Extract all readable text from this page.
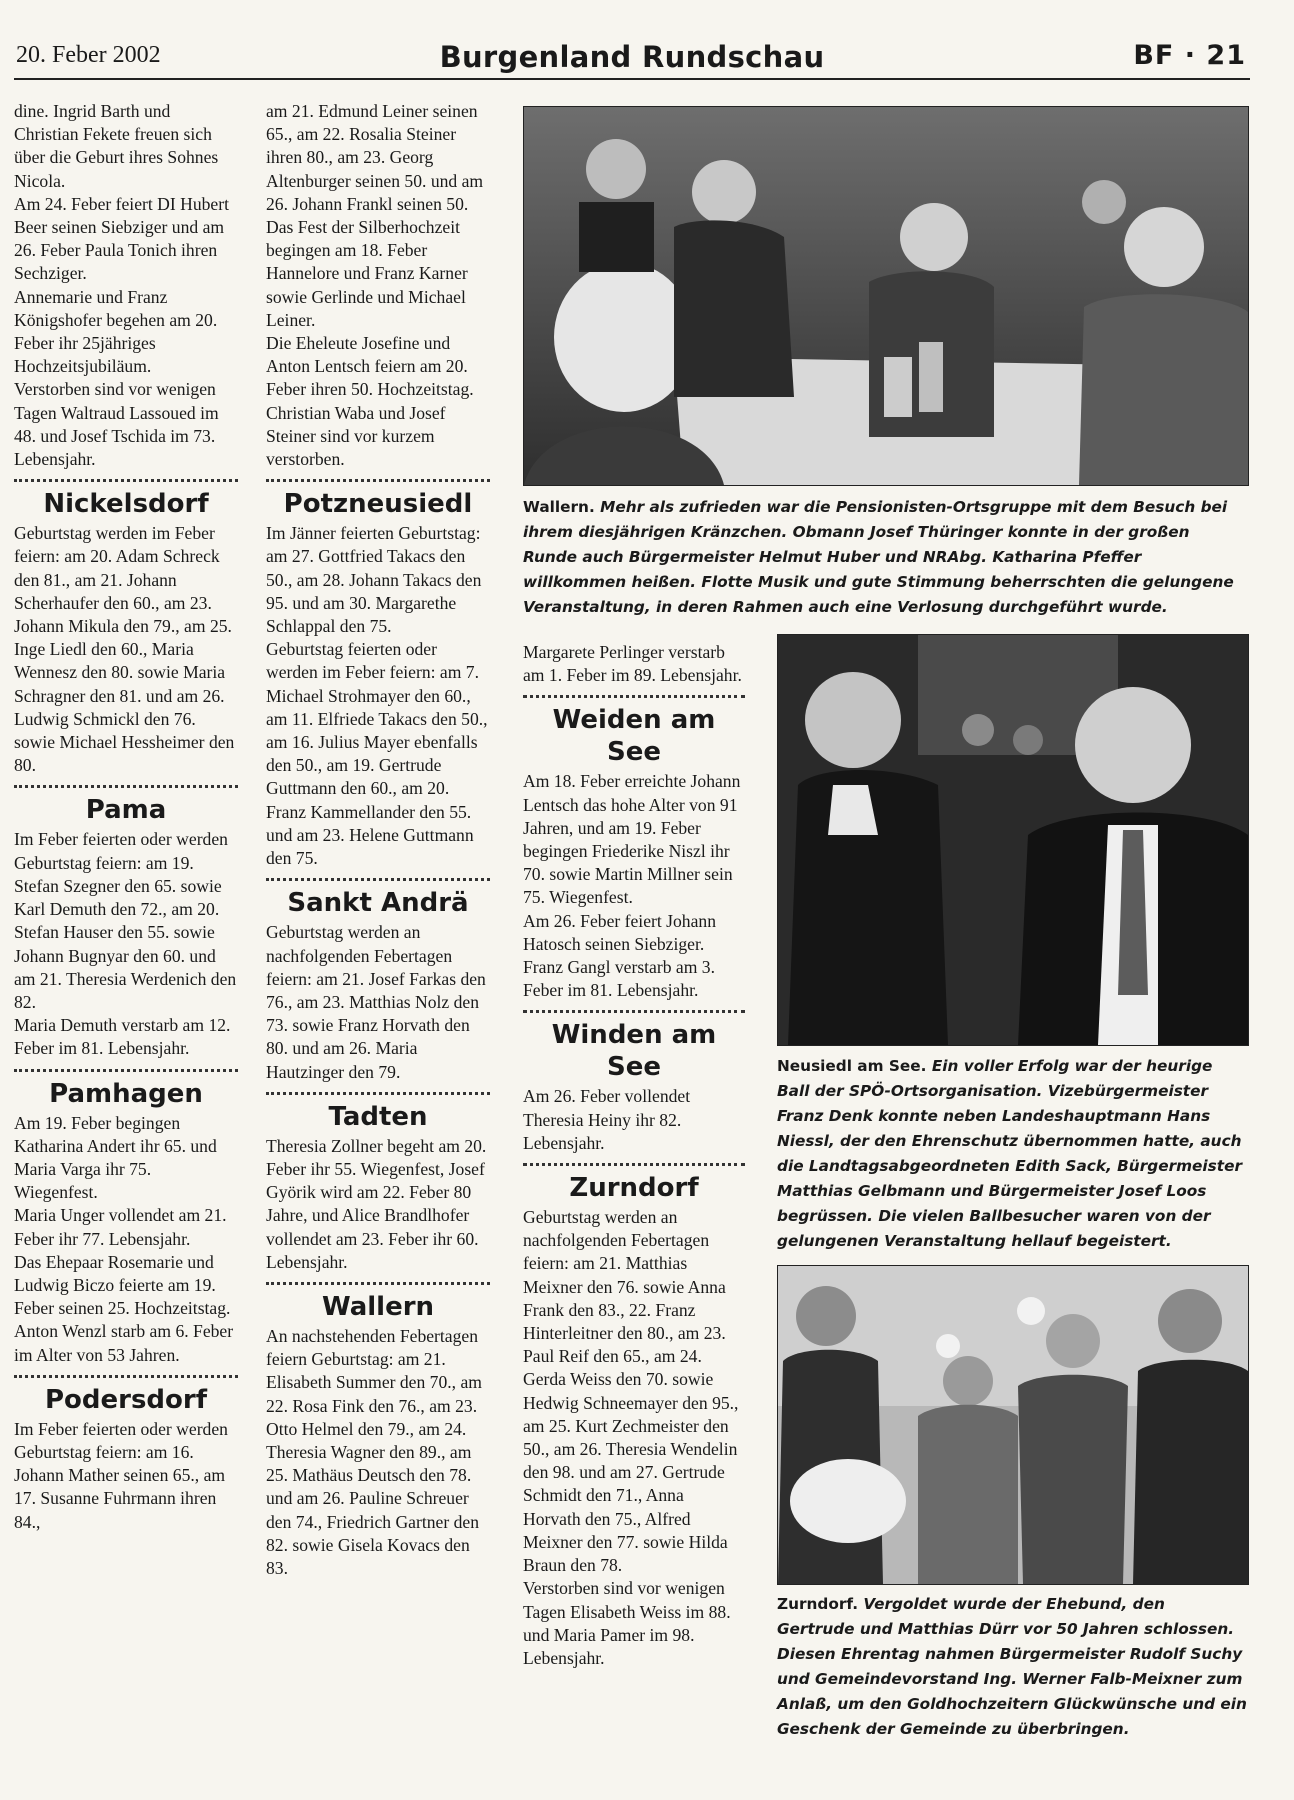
20. Feber 2002	Burgenland Rundschau	BF · 21

dine. Ingrid Barth und Christian Fekete freuen sich über die Geburt ihres Sohnes Nicola.

Am 24. Feber feiert DI Hubert Beer seinen Siebziger und am 26. Feber Paula Tonich ihren Sechziger.

Annemarie und Franz Königshofer begehen am 20. Feber ihr 25jähriges Hochzeitsjubiläum.

Verstorben sind vor wenigen Tagen Waltraud Lassoued im 48. und Josef Tschida im 73. Lebensjahr.

Nickelsdorf

Geburtstag werden im Feber feiern: am 20. Adam Schreck den 81., am 21. Johann Scherhaufer den 60., am 23. Johann Mikula den 79., am 25. Inge Liedl den 60., Maria Wennesz den 80. sowie Maria Schragner den 81. und am 26. Ludwig Schmickl den 76. sowie Michael Hessheimer den 80.

Pama

Im Feber feierten oder werden Geburtstag feiern: am 19. Stefan Szegner den 65. sowie Karl Demuth den 72., am 20. Stefan Hauser den 55. sowie Johann Bugnyar den 60. und am 21. Theresia Werdenich den 82.

Maria Demuth verstarb am 12. Feber im 81. Lebensjahr.

Pamhagen

Am 19. Feber begingen Katharina Andert ihr 65. und Maria Varga ihr 75. Wiegenfest.

Maria Unger vollendet am 21. Feber ihr 77. Lebensjahr.

Das Ehepaar Rosemarie und Ludwig Biczo feierte am 19. Feber seinen 25. Hochzeitstag.

Anton Wenzl starb am 6. Feber im Alter von 53 Jahren.

Podersdorf

Im Feber feierten oder werden Geburtstag feiern: am 16. Johann Mather seinen 65., am 17. Susanne Fuhrmann ihren 84.,

am 21. Edmund Leiner seinen 65., am 22. Rosalia Steiner ihren 80., am 23. Georg Altenburger seinen 50. und am 26. Johann Frankl seinen 50.

Das Fest der Silberhochzeit begingen am 18. Feber Hannelore und Franz Karner sowie Gerlinde und Michael Leiner.

Die Eheleute Josefine und Anton Lentsch feiern am 20. Feber ihren 50. Hochzeitstag.

Christian Waba und Josef Steiner sind vor kurzem verstorben.

Potzneusiedl

Im Jänner feierten Geburtstag: am 27. Gottfried Takacs den 50., am 28. Johann Takacs den 95. und am 30. Margarethe Schlappal den 75.

Geburtstag feierten oder werden im Feber feiern: am 7. Michael Strohmayer den 60., am 11. Elfriede Takacs den 50., am 16. Julius Mayer ebenfalls den 50., am 19. Gertrude Guttmann den 60., am 20. Franz Kammellander den 55. und am 23. Helene Guttmann den 75.

Sankt Andrä

Geburtstag werden an nachfolgenden Febertagen feiern: am 21. Josef Farkas den 76., am 23. Matthias Nolz den 73. sowie Franz Horvath den 80. und am 26. Maria Hautzinger den 79.

Tadten

Theresia Zollner begeht am 20. Feber ihr 55. Wiegenfest, Josef Györik wird am 22. Feber 80 Jahre, und Alice Brandlhofer vollendet am 23. Feber ihr 60. Lebensjahr.

Wallern

An nachstehenden Febertagen feiern Geburtstag: am 21. Elisabeth Summer den 70., am 22. Rosa Fink den 76., am 23. Otto Helmel den 79., am 24. Theresia Wagner den 89., am 25. Mathäus Deutsch den 78. und am 26. Pauline Schreuer den 74., Friedrich Gartner den 82. sowie Gisela Kovacs den 83.

Margarete Perlinger verstarb am 1. Feber im 89. Lebensjahr.

Weiden am See

Am 18. Feber erreichte Johann Lentsch das hohe Alter von 91 Jahren, und am 19. Feber begingen Friederike Niszl ihr 70. sowie Martin Millner sein 75. Wiegenfest.

Am 26. Feber feiert Johann Hatosch seinen Siebziger.

Franz Gangl verstarb am 3. Feber im 81. Lebensjahr.

Winden am See

Am 26. Feber vollendet Theresia Heiny ihr 82. Lebensjahr.

Zurndorf

Geburtstag werden an nachfolgenden Febertagen feiern: am 21. Matthias Meixner den 76. sowie Anna Frank den 83., 22. Franz Hinterleitner den 80., am 23. Paul Reif den 65., am 24. Gerda Weiss den 70. sowie Hedwig Schneemayer den 95., am 25. Kurt Zechmeister den 50., am 26. Theresia Wendelin den 98. und am 27. Gertrude Schmidt den 71., Anna Horvath den 75., Alfred Meixner den 77. sowie Hilda Braun den 78.

Verstorben sind vor wenigen Tagen Elisabeth Weiss im 88. und Maria Pamer im 98. Lebensjahr.

Wallern. Mehr als zufrieden war die Pensionisten-Ortsgruppe mit dem Besuch bei ihrem diesjährigen Kränzchen. Obmann Josef Thüringer konnte in der großen Runde auch Bürgermeister Helmut Huber und NRAbg. Katharina Pfeffer willkommen heißen. Flotte Musik und gute Stimmung beherrschten die gelungene Veranstaltung, in deren Rahmen auch eine Verlosung durchgeführt wurde.
Neusiedl am See. Ein voller Erfolg war der heurige Ball der SPÖ-Ortsorganisation. Vizebürgermeister Franz Denk konnte neben Landeshauptmann Hans Niessl, der den Ehrenschutz übernommen hatte, auch die Landtagsabgeordneten Edith Sack, Bürgermeister Matthias Gelbmann und Bürgermeister Josef Loos begrüssen. Die vielen Ballbesucher waren von der gelungenen Veranstaltung hellauf begeistert.
Zurndorf. Vergoldet wurde der Ehebund, den Gertrude und Matthias Dürr vor 50 Jahren schlossen. Diesen Ehrentag nahmen Bürgermeister Rudolf Suchy und Gemeindevorstand Ing. Werner Falb-Meixner zum Anlaß, um den Goldhochzeitern Glückwünsche und ein Geschenk der Gemeinde zu überbringen.
